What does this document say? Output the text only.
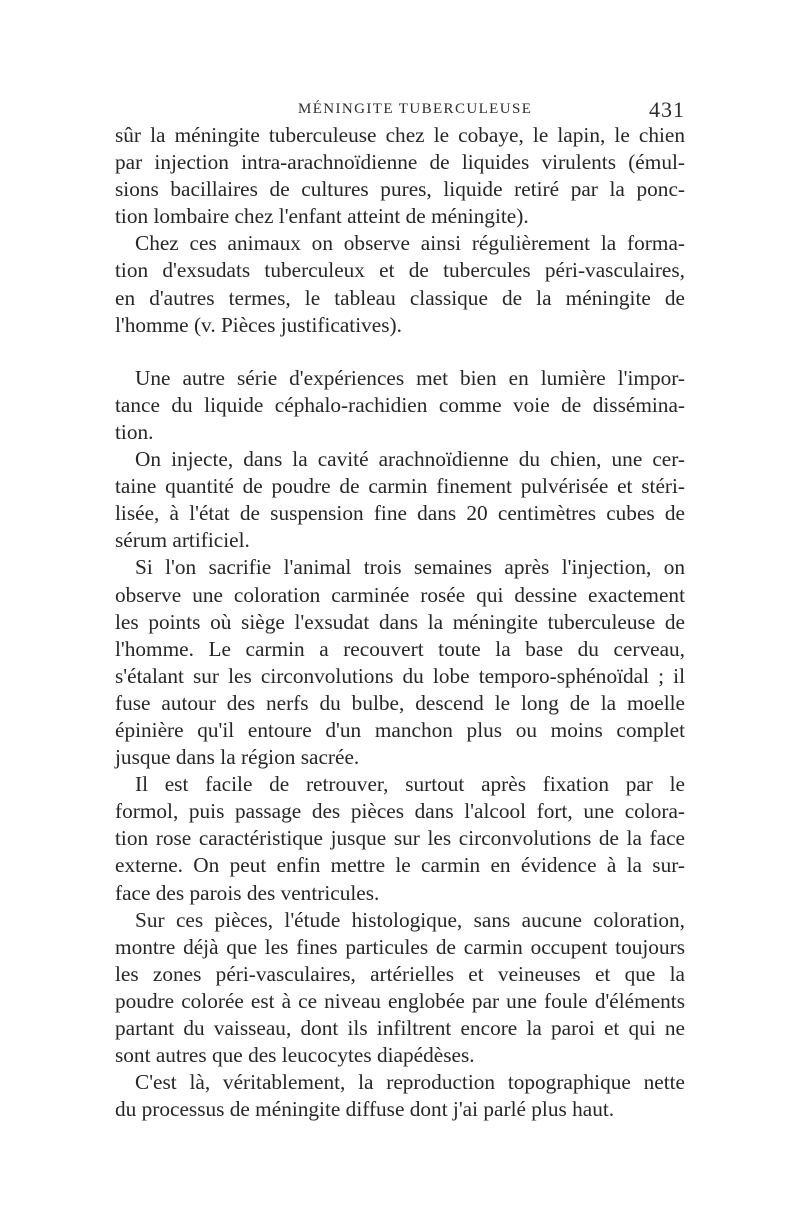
MÉNINGITE TUBERCULEUSE	431
sûr la méningite tuberculeuse chez le cobaye, le lapin, le chien
par injection intra-arachnoïdienne de liquides virulents (émul-
sions bacillaires de cultures pures, liquide retiré par la ponc-
tion lombaire chez l'enfant atteint de méningite).
Chez ces animaux on observe ainsi régulièrement la forma-
tion d'exsudats tuberculeux et de tubercules péri-vasculaires,
en d'autres termes, le tableau classique de la méningite de
l'homme (v. Pièces justificatives).
Une autre série d'expériences met bien en lumière l'impor-
tance du liquide céphalo-rachidien comme voie de dissémina-
tion.
On injecte, dans la cavité arachnoïdienne du chien, une cer-
taine quantité de poudre de carmin finement pulvérisée et stéri-
lisée, à l'état de suspension fine dans 20 centimètres cubes de
sérum artificiel.
Si l'on sacrifie l'animal trois semaines après l'injection, on
observe une coloration carminée rosée qui dessine exactement
les points où siège l'exsudat dans la méningite tuberculeuse de
l'homme. Le carmin a recouvert toute la base du cerveau,
s'étalant sur les circonvolutions du lobe temporo-sphénoïdal ; il
fuse autour des nerfs du bulbe, descend le long de la moelle
épinière qu'il entoure d'un manchon plus ou moins complet
jusque dans la région sacrée.
Il est facile de retrouver, surtout après fixation par le
formol, puis passage des pièces dans l'alcool fort, une colora-
tion rose caractéristique jusque sur les circonvolutions de la face
externe. On peut enfin mettre le carmin en évidence à la sur-
face des parois des ventricules.
Sur ces pièces, l'étude histologique, sans aucune coloration,
montre déjà que les fines particules de carmin occupent toujours
les zones péri-vasculaires, artérielles et veineuses et que la
poudre colorée est à ce niveau englobée par une foule d'éléments
partant du vaisseau, dont ils infiltrent encore la paroi et qui ne
sont autres que des leucocytes diapédèses.
C'est là, véritablement, la reproduction topographique nette
du processus de méningite diffuse dont j'ai parlé plus haut.
